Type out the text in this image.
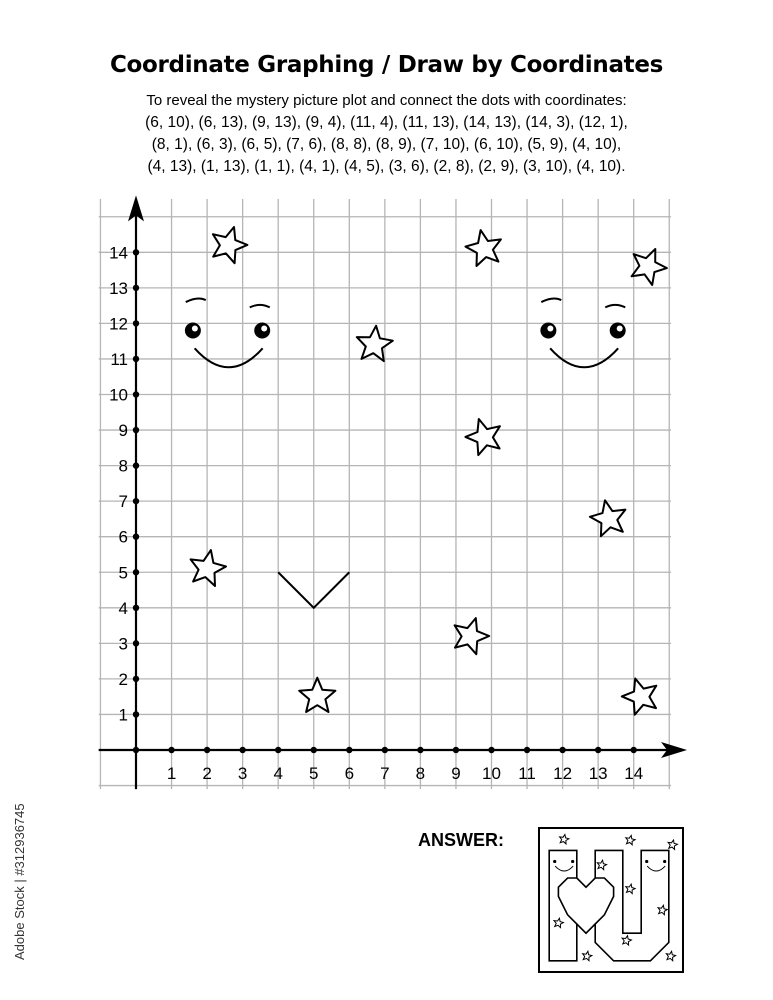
Coordinate Graphing / Draw by Coordinates
To reveal the mystery picture plot and connect the dots with coordinates:
(6, 10), (6, 13), (9, 13), (9, 4), (11, 4), (11, 13), (14, 13), (14, 3), (12, 1),
(8, 1), (6, 3), (6, 5), (7, 6), (8, 8), (8, 9), (7, 10), (6, 10), (5, 9), (4, 10),
(4, 13), (1, 13), (1, 1), (4, 1), (4, 5), (3, 6), (2, 8), (2, 9), (3, 10), (4, 10).
1 2 3 4 5 6 7 8 9 10 11 12 13 14
1
2
3
4
5
6
7
8
9
10
11
12
13
14
ANSWER:
Adobe Stock | #312936745
